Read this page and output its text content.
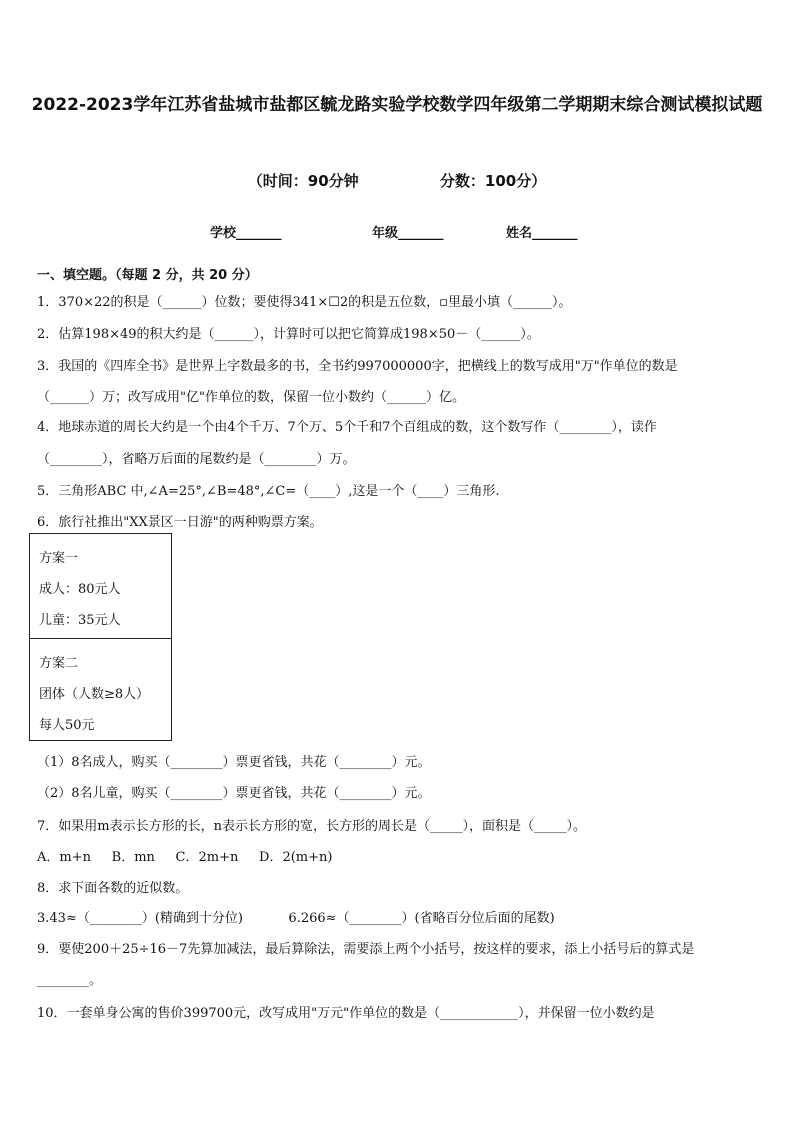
2022-2023学年江苏省盐城市盐都区毓龙路实验学校数学四年级第二学期期末综合测试模拟试题
（时间：90分钟	分数：100分）
学校_______	年级_______	姓名_______
一、填空题。（每题 2 分，共 20 分）
1．370×22的积是（______）位数；要使得341×☐2的积是五位数，▫里最小填（______）。
2．估算198×49的积大约是（______），计算时可以把它简算成198×50－（______）。
3．我国的《四库全书》是世界上字数最多的书，全书约997000000字，把横线上的数写成用"万"作单位的数是
（______）万；改写成用"亿"作单位的数，保留一位小数约（______）亿。
4．地球赤道的周长大约是一个由4个千万、7个万、5个千和7个百组成的数，这个数写作（________），读作
（________），省略万后面的尾数约是（________）万。
5．三角形ABC 中,∠A=25°,∠B=48°,∠C=（____）,这是一个（____）三角形.
6．旅行社推出"XX景区一日游"的两种购票方案。
方案一
成人：80元人
儿童：35元人
方案二
团体（人数≥8人）
每人50元
（1）8名成人，购买（________）票更省钱，共花（________）元。
（2）8名儿童，购买（________）票更省钱，共花（________）元。
7．如果用m表示长方形的长，n表示长方形的宽，长方形的周长是（_____），面积是（_____）。
A．m+n     B．mn     C．2m+n     D．2(m+n)
8．求下面各数的近似数。
3.43≈（________）(精确到十分位)           6.266≈（________）(省略百分位后面的尾数)
9．要使200＋25÷16－7先算加减法，最后算除法，需要添上两个小括号，按这样的要求，添上小括号后的算式是
________。
10．一套单身公寓的售价399700元，改写成用"万元"作单位的数是（____________），并保留一位小数约是
